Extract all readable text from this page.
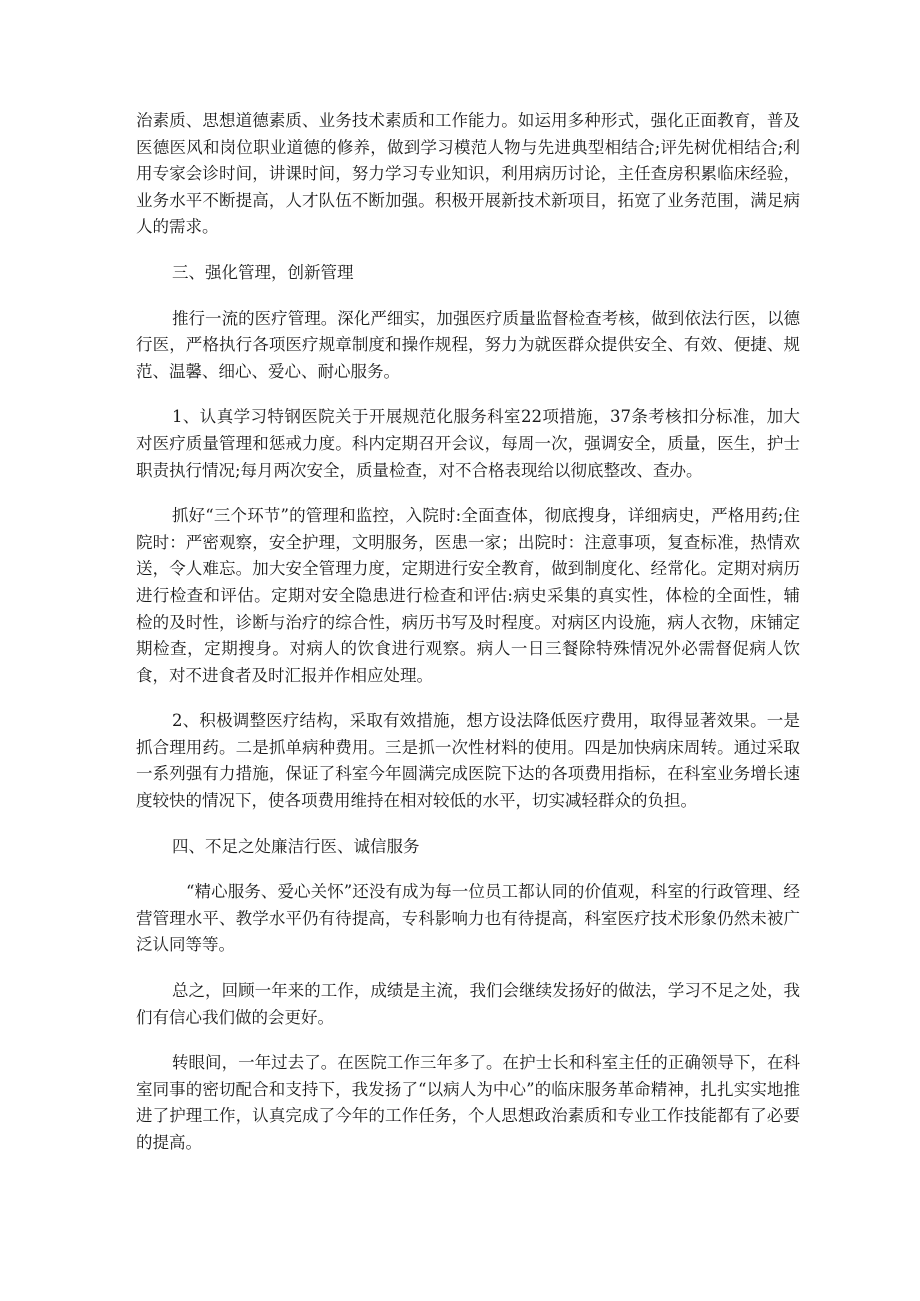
治素质、思想道德素质、业务技术素质和工作能力。如运用多种形式，强化正面教育，普及医德医风和岗位职业道德的修养，做到学习模范人物与先进典型相结合;评先树优相结合;利用专家会诊时间，讲课时间，努力学习专业知识，利用病历讨论，主任查房积累临床经验，业务水平不断提高，人才队伍不断加强。积极开展新技术新项目，拓宽了业务范围，满足病人的需求。

三、强化管理，创新管理

推行一流的医疗管理。深化严细实，加强医疗质量监督检查考核，做到依法行医，以德行医，严格执行各项医疗规章制度和操作规程，努力为就医群众提供安全、有效、便捷、规范、温馨、细心、爱心、耐心服务。

1、认真学习特钢医院关于开展规范化服务科室22项措施，37条考核扣分标准，加大对医疗质量管理和惩戒力度。科内定期召开会议，每周一次，强调安全，质量，医生，护士职责执行情况;每月两次安全，质量检查，对不合格表现给以彻底整改、查办。

抓好“三个环节”的管理和监控，入院时:全面查体，彻底搜身，详细病史，严格用药;住院时：严密观察，安全护理，文明服务，医患一家；出院时：注意事项，复查标准，热情欢送，令人难忘。加大安全管理力度，定期进行安全教育，做到制度化、经常化。定期对病历进行检查和评估。定期对安全隐患进行检查和评估:病史采集的真实性，体检的全面性，辅检的及时性，诊断与治疗的综合性，病历书写及时程度。对病区内设施，病人衣物，床铺定期检查，定期搜身。对病人的饮食进行观察。病人一日三餐除特殊情况外必需督促病人饮食，对不进食者及时汇报并作相应处理。

2、积极调整医疗结构，采取有效措施，想方设法降低医疗费用，取得显著效果。一是抓合理用药。二是抓单病种费用。三是抓一次性材料的使用。四是加快病床周转。通过采取一系列强有力措施，保证了科室今年圆满完成医院下达的各项费用指标，在科室业务增长速度较快的情况下，使各项费用维持在相对较低的水平，切实减轻群众的负担。

四、不足之处廉洁行医、诚信服务

“精心服务、爱心关怀”还没有成为每一位员工都认同的价值观，科室的行政管理、经营管理水平、教学水平仍有待提高，专科影响力也有待提高，科室医疗技术形象仍然未被广泛认同等等。

总之，回顾一年来的工作，成绩是主流，我们会继续发扬好的做法，学习不足之处，我们有信心我们做的会更好。

转眼间，一年过去了。在医院工作三年多了。在护士长和科室主任的正确领导下，在科室同事的密切配合和支持下，我发扬了“以病人为中心”的临床服务革命精神，扎扎实实地推进了护理工作，认真完成了今年的工作任务，个人思想政治素质和专业工作技能都有了必要的提高。
